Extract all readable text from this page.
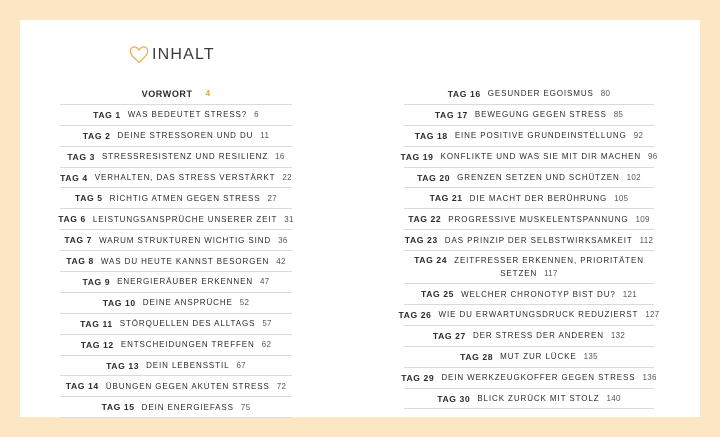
INHALT
VORWORT 4
TAG 1 WAS BEDEUTET STRESS? 6
TAG 2 DEINE STRESSOREN UND DU 11
TAG 3 STRESSRESISTENZ UND RESILIENZ 16
TAG 4 VERHALTEN, DAS STRESS VERSTÄRKT 22
TAG 5 RICHTIG ATMEN GEGEN STRESS 27
TAG 6 LEISTUNGSANSPRÜCHE UNSERER ZEIT 31
TAG 7 WARUM STRUKTUREN WICHTIG SIND 36
TAG 8 WAS DU HEUTE KANNST BESORGEN 42
TAG 9 ENERGIERÄUBER ERKENNEN 47
TAG 10 DEINE ANSPRÜCHE 52
TAG 11 STÖRQUELLEN DES ALLTAGS 57
TAG 12 ENTSCHEIDUNGEN TREFFEN 62
TAG 13 DEIN LEBENSSTIL 67
TAG 14 ÜBUNGEN GEGEN AKUTEN STRESS 72
TAG 15 DEIN ENERGIEFASS 75
TAG 16 GESUNDER EGOISMUS 80
TAG 17 BEWEGUNG GEGEN STRESS 85
TAG 18 EINE POSITIVE GRUNDEINSTELLUNG 92
TAG 19 KONFLIKTE UND WAS SIE MIT DIR MACHEN 96
TAG 20 GRENZEN SETZEN UND SCHÜTZEN 102
TAG 21 DIE MACHT DER BERÜHRUNG 105
TAG 22 PROGRESSIVE MUSKELENTSPANNUNG 109
TAG 23 DAS PRINZIP DER SELBSTWIRKSAMKEIT 112
TAG 24 ZEITFRESSER ERKENNEN, PRIORITÄTEN
SETZEN 117
TAG 25 WELCHER CHRONOTYP BIST DU? 121
TAG 26 WIE DU ERWARTUNGSDRUCK REDUZIERST 127
TAG 27 DER STRESS DER ANDEREN 132
TAG 28 MUT ZUR LÜCKE 135
TAG 29 DEIN WERKZEUGKOFFER GEGEN STRESS 136
TAG 30 BLICK ZURÜCK MIT STOLZ 140
